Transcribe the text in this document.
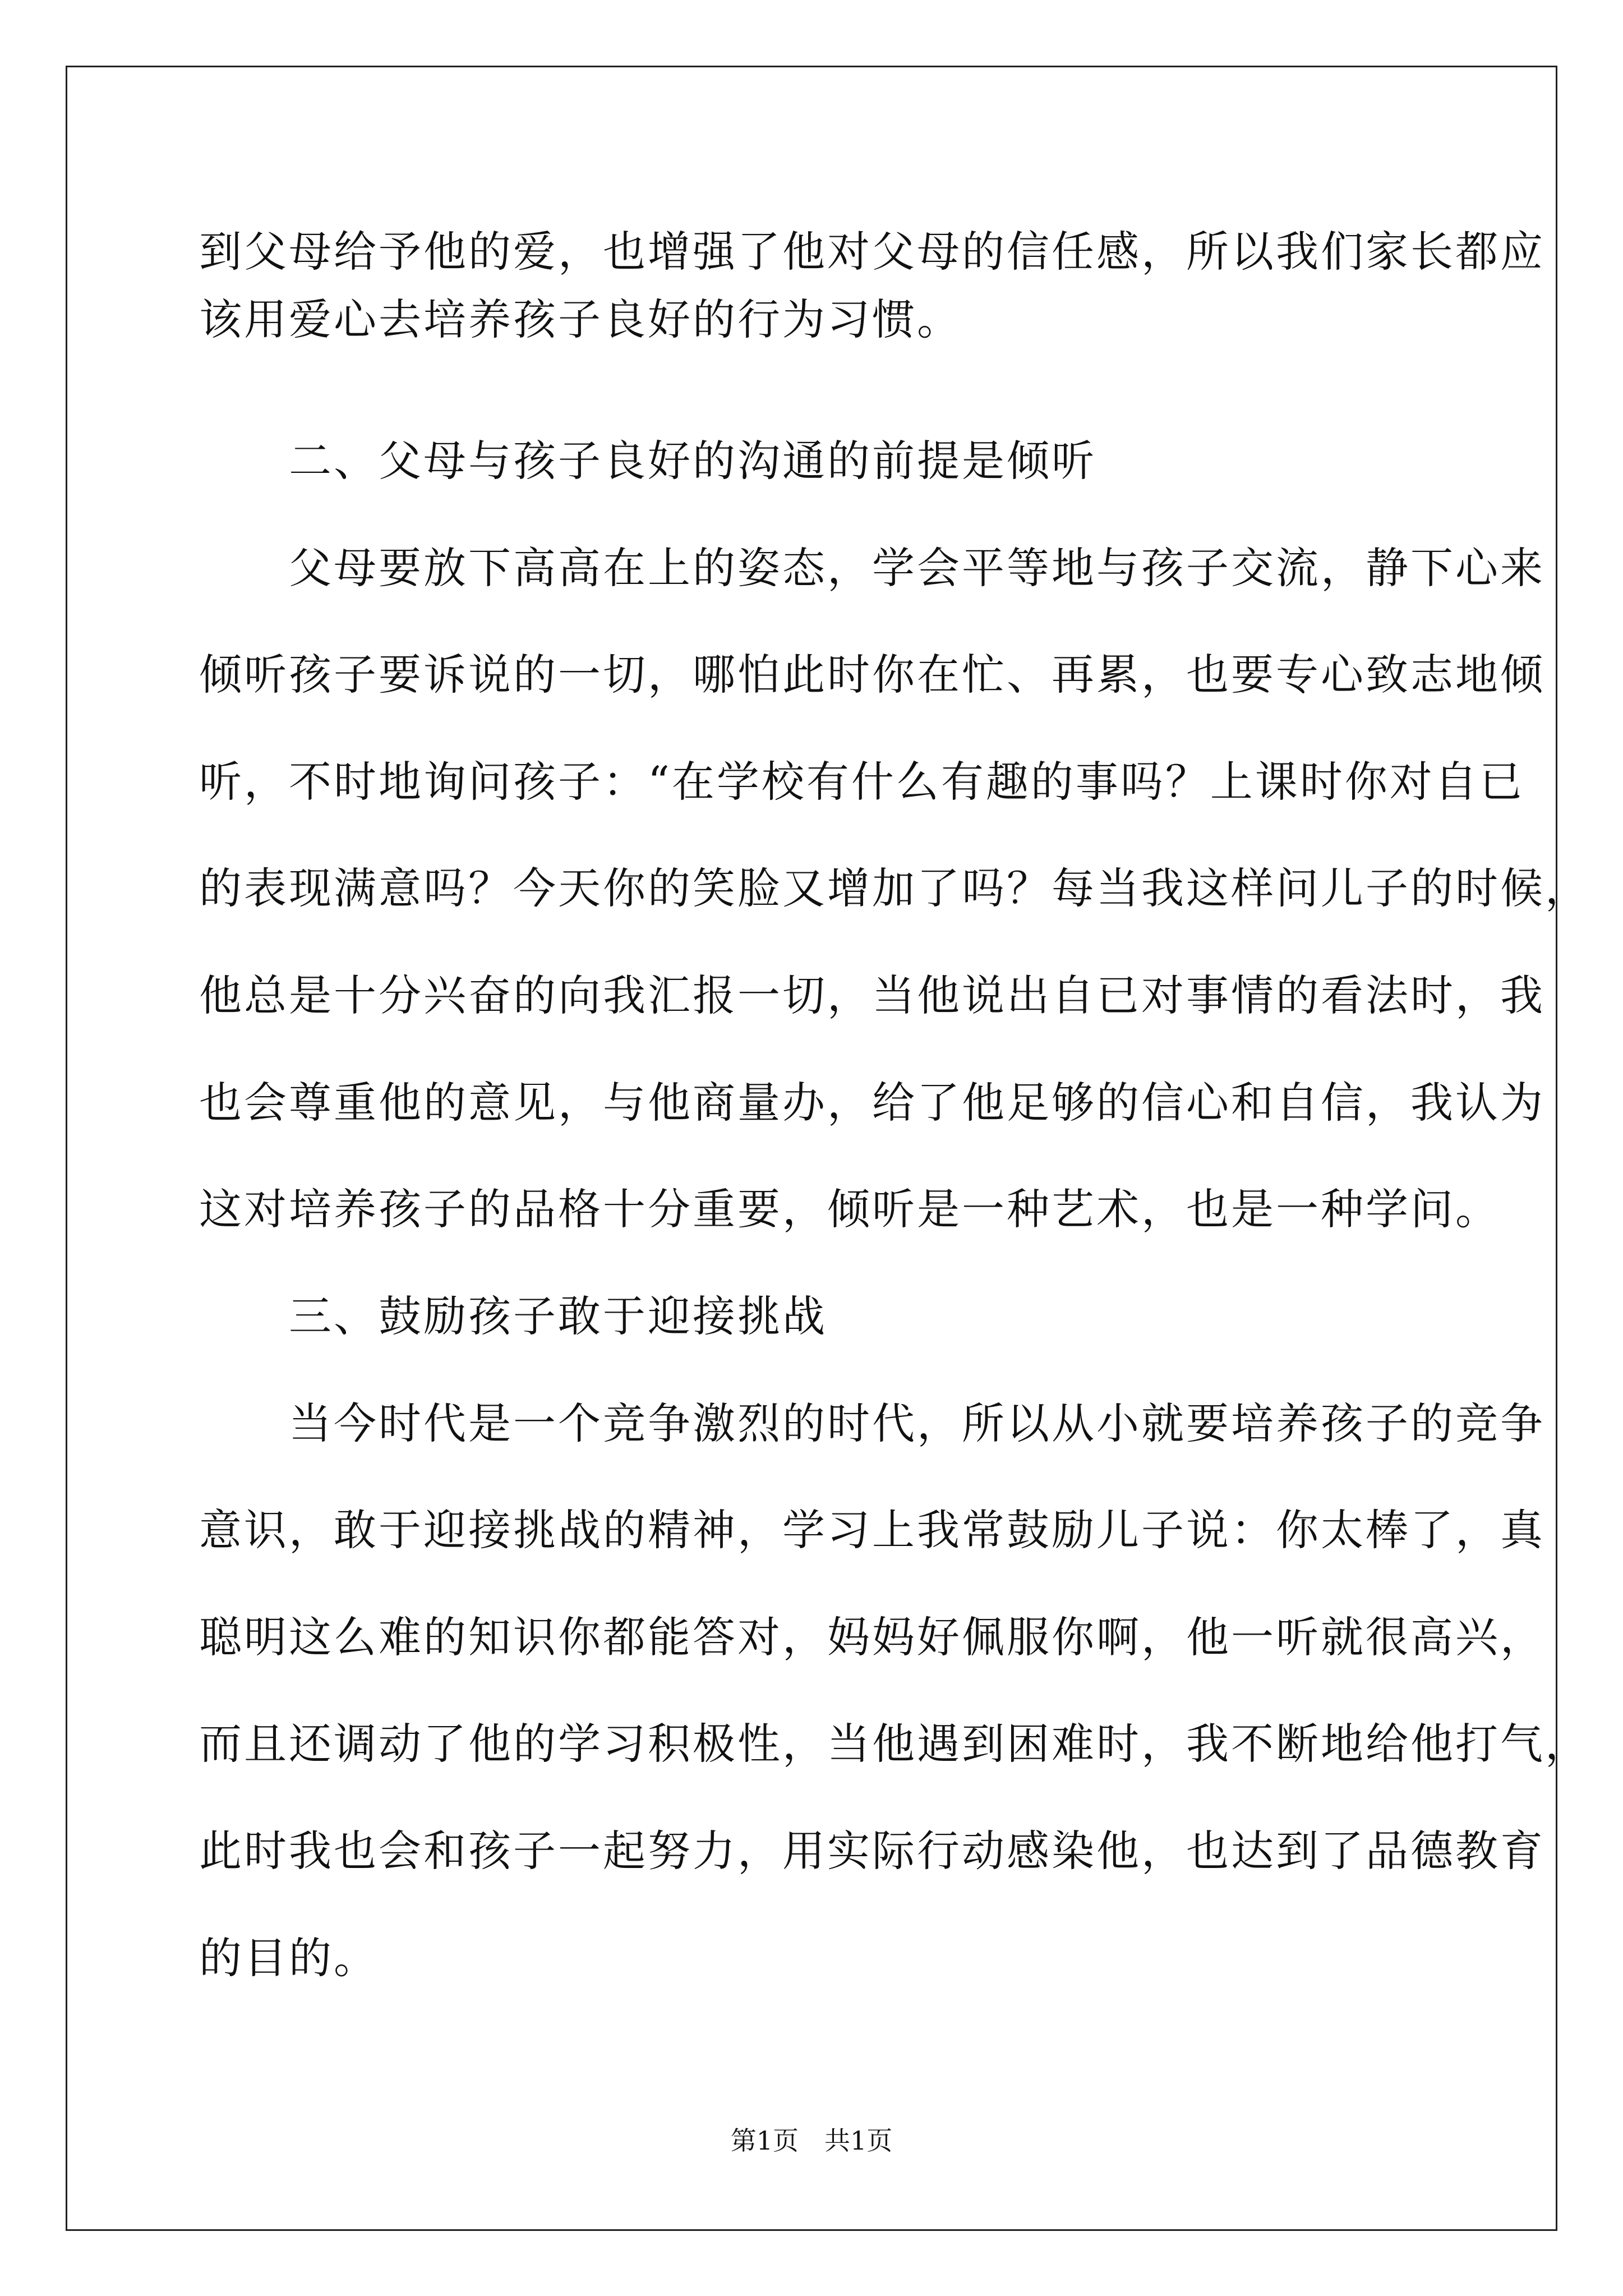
到父母给予他的爱，也增强了他对父母的信任感，所以我们家长都应
该用爱心去培养孩子良好的行为习惯。
　　二、父母与孩子良好的沟通的前提是倾听
　　父母要放下高高在上的姿态，学会平等地与孩子交流，静下心来
倾听孩子要诉说的一切，哪怕此时你在忙、再累，也要专心致志地倾
听，不时地询问孩子：“在学校有什么有趣的事吗？上课时你对自已
的表现满意吗？今天你的笑脸又增加了吗？每当我这样问儿子的时候，
他总是十分兴奋的向我汇报一切，当他说出自已对事情的看法时，我
也会尊重他的意见，与他商量办，给了他足够的信心和自信，我认为
这对培养孩子的品格十分重要，倾听是一种艺术，也是一种学问。
　　三、鼓励孩子敢于迎接挑战
　　当今时代是一个竞争激烈的时代，所以从小就要培养孩子的竞争
意识，敢于迎接挑战的精神，学习上我常鼓励儿子说：你太棒了，真
聪明这么难的知识你都能答对，妈妈好佩服你啊，他一听就很高兴，
而且还调动了他的学习积极性，当他遇到困难时，我不断地给他打气，
此时我也会和孩子一起努力，用实际行动感染他，也达到了品德教育
的目的。
第1页　共1页
